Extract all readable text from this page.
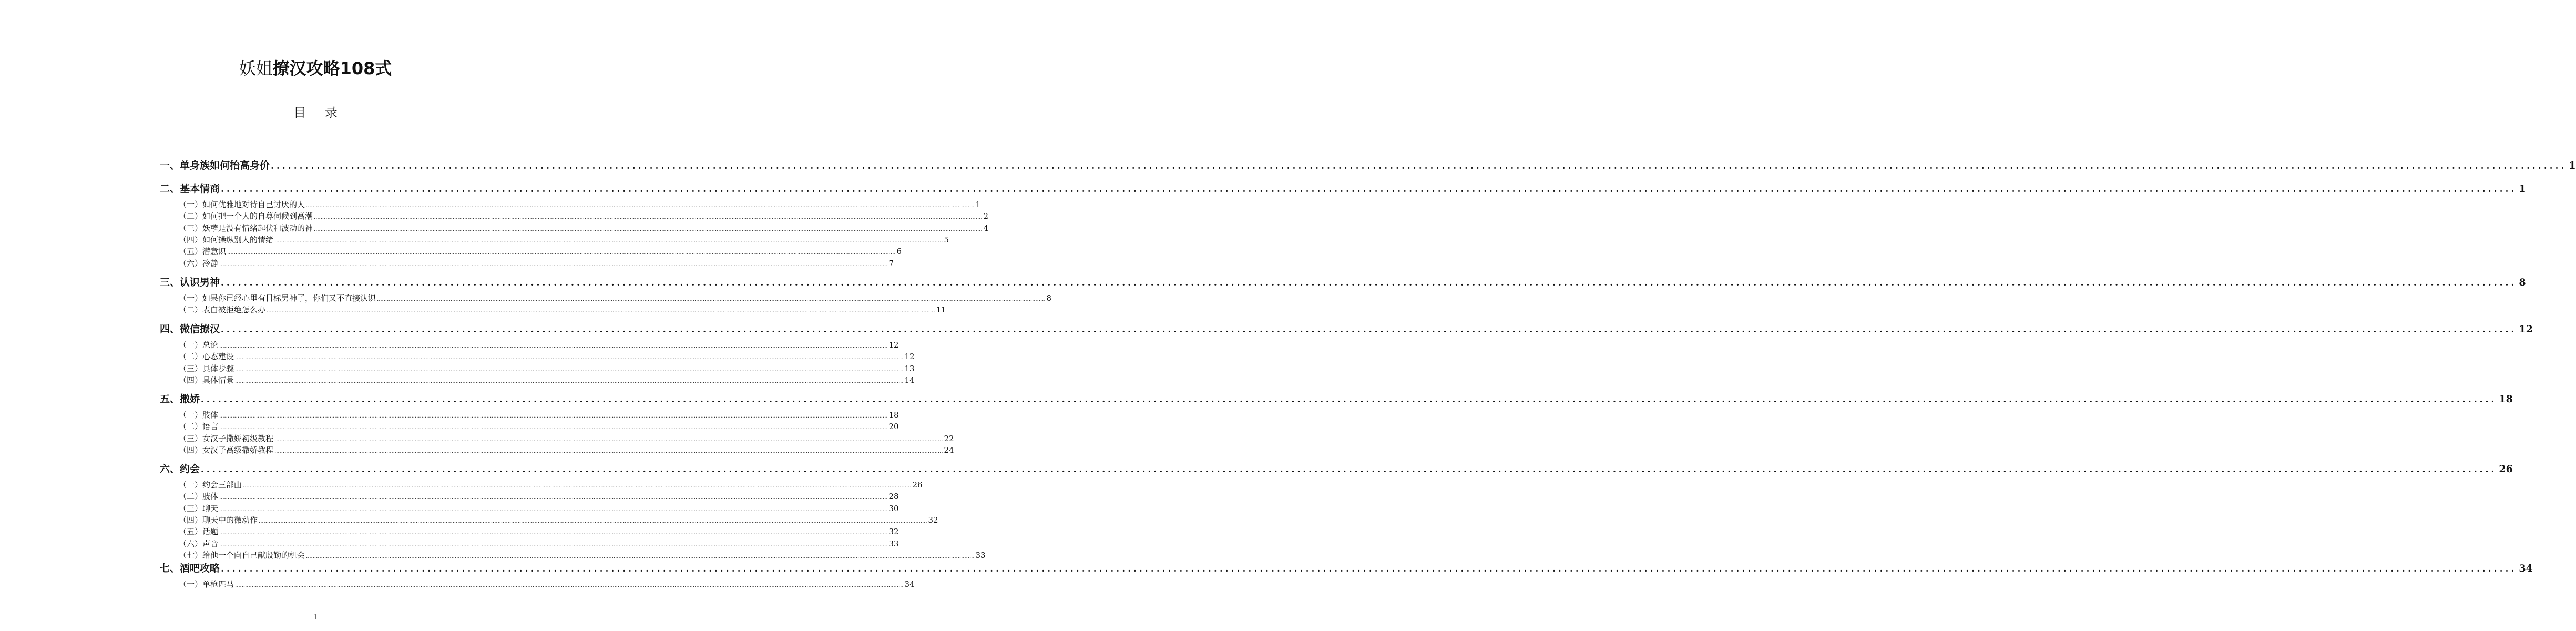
妖姐撩汉攻略108式
目 录
一、单身族如何抬高身价 ................................................................................................................................................................................................................................................................................................................................................................................................................ 1
二、基本情商 ................................................................................................................................................................................................................................................................................................................................................................................................................ 1
（一）如何优雅地对待自己讨厌的人 ................................................................................................................................................................................................................................................................................................................................................................................................................ 1
（二）如何把一个人的自尊伺候到高潮 ................................................................................................................................................................................................................................................................................................................................................................................................................ 2
（三）妖孽是没有情绪起伏和波动的神 ................................................................................................................................................................................................................................................................................................................................................................................................................ 4
（四）如何操纵别人的情绪 ................................................................................................................................................................................................................................................................................................................................................................................................................ 5
（五）潜意识 ................................................................................................................................................................................................................................................................................................................................................................................................................ 6
（六）冷静 ................................................................................................................................................................................................................................................................................................................................................................................................................ 7
三、认识男神 ................................................................................................................................................................................................................................................................................................................................................................................................................ 8
（一）如果你已经心里有目标男神了，你们又不直接认识 ................................................................................................................................................................................................................................................................................................................................................................................................................ 8
（二）表白被拒绝怎么办 ................................................................................................................................................................................................................................................................................................................................................................................................................ 11
四、微信撩汉 ................................................................................................................................................................................................................................................................................................................................................................................................................ 12
（一）总论 ................................................................................................................................................................................................................................................................................................................................................................................................................ 12
（二）心态建设 ................................................................................................................................................................................................................................................................................................................................................................................................................ 12
（三）具体步骤 ................................................................................................................................................................................................................................................................................................................................................................................................................ 13
（四）具体情景 ................................................................................................................................................................................................................................................................................................................................................................................................................ 14
五、撒娇 ................................................................................................................................................................................................................................................................................................................................................................................................................ 18
（一）肢体 ................................................................................................................................................................................................................................................................................................................................................................................................................ 18
（二）语言 ................................................................................................................................................................................................................................................................................................................................................................................................................ 20
（三）女汉子撒娇初级教程 ................................................................................................................................................................................................................................................................................................................................................................................................................ 22
（四）女汉子高级撒娇教程 ................................................................................................................................................................................................................................................................................................................................................................................................................ 24
六、约会 ................................................................................................................................................................................................................................................................................................................................................................................................................ 26
（一）约会三部曲 ................................................................................................................................................................................................................................................................................................................................................................................................................ 26
（二）肢体 ................................................................................................................................................................................................................................................................................................................................................................................................................ 28
（三）聊天 ................................................................................................................................................................................................................................................................................................................................................................................................................ 30
（四）聊天中的微动作 ................................................................................................................................................................................................................................................................................................................................................................................................................ 32
（五）话题 ................................................................................................................................................................................................................................................................................................................................................................................................................ 32
（六）声音 ................................................................................................................................................................................................................................................................................................................................................................................................................ 33
（七）给他一个向自己献殷勤的机会 ................................................................................................................................................................................................................................................................................................................................................................................................................ 33
七、酒吧攻略 ................................................................................................................................................................................................................................................................................................................................................................................................................ 34
（一）单枪匹马 ................................................................................................................................................................................................................................................................................................................................................................................................................ 34
1
